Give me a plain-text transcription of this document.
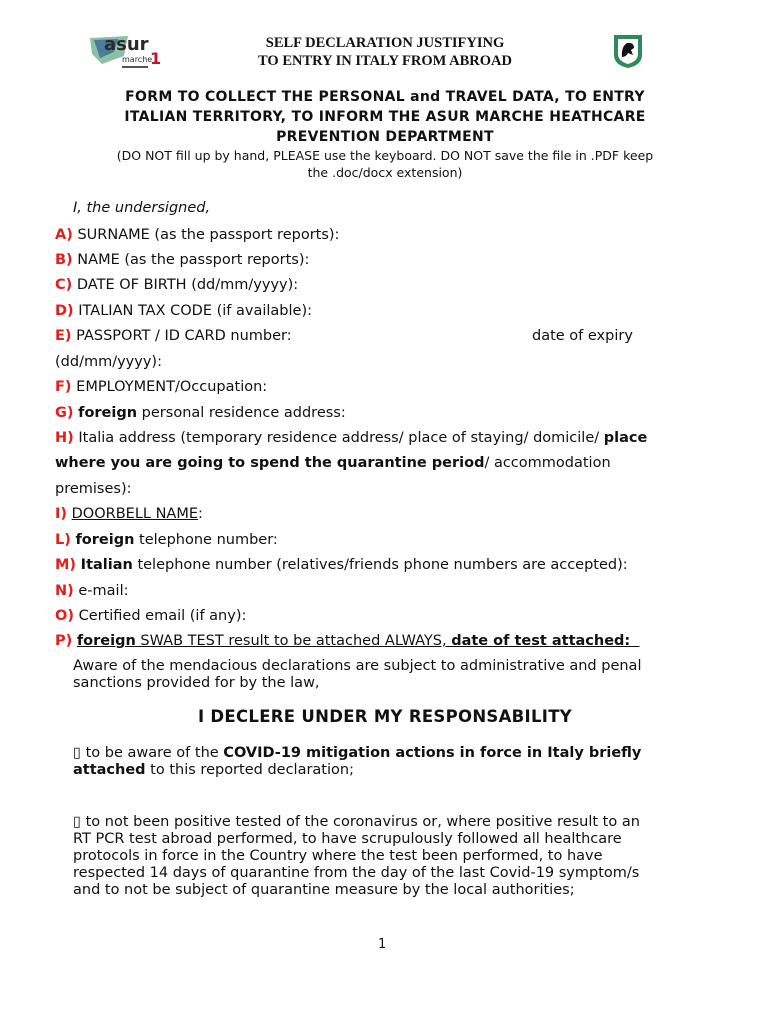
asur
marche
1
SELF DECLARATION JUSTIFYING
TO ENTRY IN ITALY FROM ABROAD
FORM TO COLLECT THE PERSONAL and TRAVEL DATA, TO ENTRY
ITALIAN TERRITORY, TO INFORM THE ASUR MARCHE HEATHCARE
PREVENTION DEPARTMENT
(DO NOT fill up by hand, PLEASE use the keyboard. DO NOT save the file in .PDF keep
the .doc/docx extension)
I, the undersigned,
A) SURNAME (as the passport reports):
B) NAME (as the passport reports):
C) DATE OF BIRTH (dd/mm/yyyy):
D) ITALIAN TAX CODE (if available):
E) PASSPORT / ID CARD number:	date of expiry
(dd/mm/yyyy):
F) EMPLOYMENT/Occupation:
G) foreign personal residence address:
H) Italia address (temporary residence address/ place of staying/ domicile/ place
where you are going to spend the quarantine period/ accommodation
premises):
I) DOORBELL NAME:
L) foreign telephone number:
M) Italian telephone number (relatives/friends phone numbers are accepted):
N) e-mail:
O) Certified email (if any):
P) foreign SWAB TEST result to be attached ALWAYS, date of test attached:
Aware of the mendacious declarations are subject to administrative and penal
sanctions provided for by the law,
I DECLERE UNDER MY RESPONSABILITY
▯ to be aware of the COVID-19 mitigation actions in force in Italy briefly
attached to this reported declaration;
▯ to not been positive tested of the coronavirus or, where positive result to an
RT PCR test abroad performed, to have scrupulously followed all healthcare
protocols in force in the Country where the test been performed, to have
respected 14 days of quarantine from the day of the last Covid-19 symptom/s
and to not be subject of quarantine measure by the local authorities;
1
